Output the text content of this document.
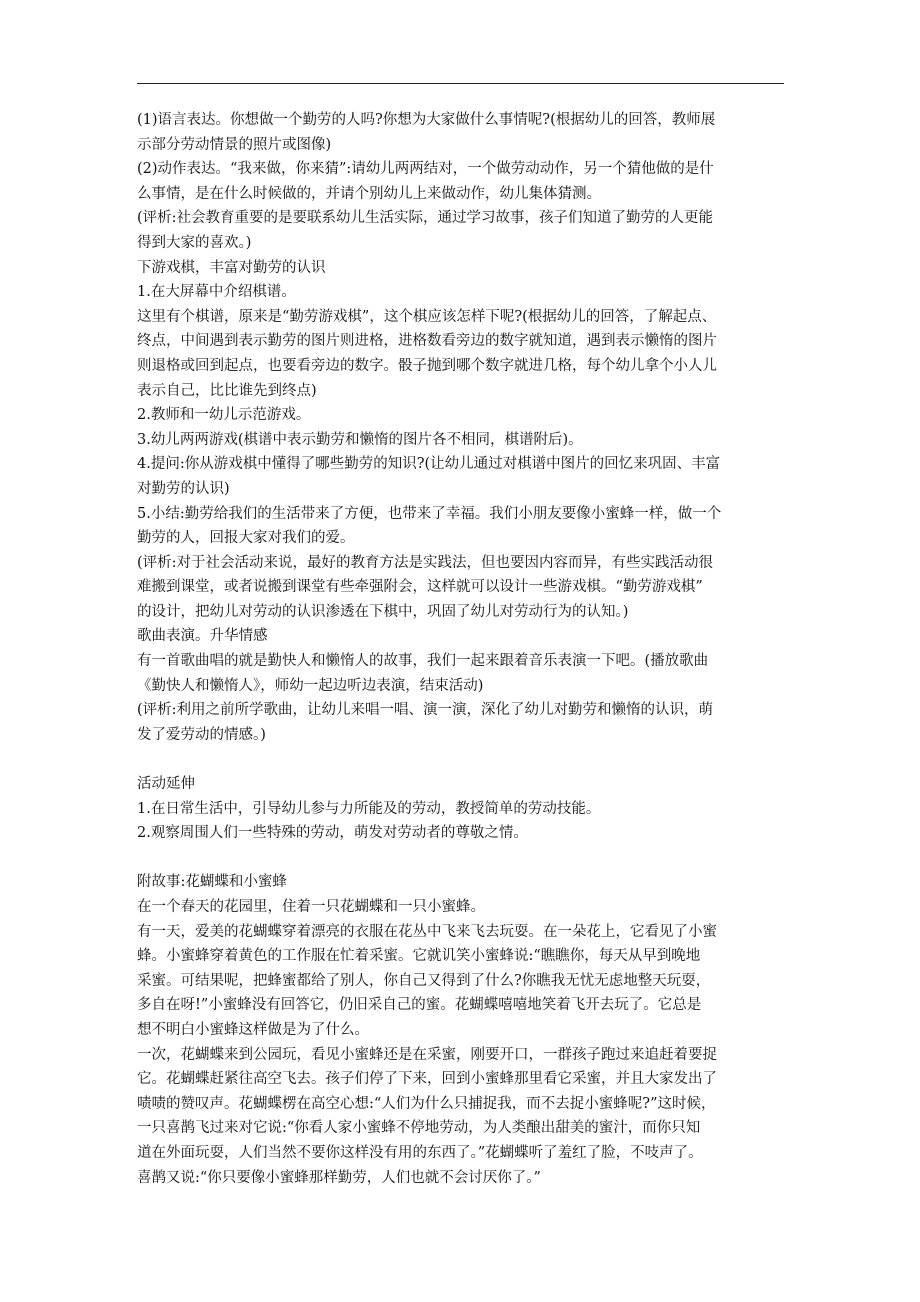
(1)语言表达。你想做一个勤劳的人吗?你想为大家做什么事情呢?(根据幼儿的回答，教师展
示部分劳动情景的照片或图像)
(2)动作表达。“我来做，你来猜”:请幼儿两两结对，一个做劳动动作，另一个猜他做的是什
么事情，是在什么时候做的，并请个别幼儿上来做动作，幼儿集体猜测。
(评析:社会教育重要的是要联系幼儿生活实际，通过学习故事，孩子们知道了勤劳的人更能
得到大家的喜欢。)
下游戏棋，丰富对勤劳的认识
1.在大屏幕中介绍棋谱。
这里有个棋谱，原来是“勤劳游戏棋”，这个棋应该怎样下呢?(根据幼儿的回答，了解起点、
终点，中间遇到表示勤劳的图片则进格，进格数看旁边的数字就知道，遇到表示懒惰的图片
则退格或回到起点，也要看旁边的数字。骰子抛到哪个数字就进几格，每个幼儿拿个小人儿
表示自己，比比谁先到终点)
2.教师和一幼儿示范游戏。
3.幼儿两两游戏(棋谱中表示勤劳和懒惰的图片各不相同，棋谱附后)。
4.提问:你从游戏棋中懂得了哪些勤劳的知识?(让幼儿通过对棋谱中图片的回忆来巩固、丰富
对勤劳的认识)
5.小结:勤劳给我们的生活带来了方便，也带来了幸福。我们小朋友要像小蜜蜂一样，做一个
勤劳的人，回报大家对我们的爱。
(评析:对于社会活动来说，最好的教育方法是实践法，但也要因内容而异，有些实践活动很
难搬到课堂，或者说搬到课堂有些牵强附会，这样就可以设计一些游戏棋。“勤劳游戏棋”
的设计，把幼儿对劳动的认识渗透在下棋中，巩固了幼儿对劳动行为的认知。)
歌曲表演。升华情感
有一首歌曲唱的就是勤快人和懒惰人的故事，我们一起来跟着音乐表演一下吧。(播放歌曲
《勤快人和懒惰人》，师幼一起边听边表演，结束活动)
(评析:利用之前所学歌曲，让幼儿来唱一唱、演一演，深化了幼儿对勤劳和懒惰的认识，萌
发了爱劳动的情感。)
活动延伸
1.在日常生活中，引导幼儿参与力所能及的劳动，教授简单的劳动技能。
2.观察周围人们一些特殊的劳动，萌发对劳动者的尊敬之情。
附故事:花蝴蝶和小蜜蜂
在一个春天的花园里，住着一只花蝴蝶和一只小蜜蜂。
有一天，爱美的花蝴蝶穿着漂亮的衣服在花丛中飞来飞去玩耍。在一朵花上，它看见了小蜜
蜂。小蜜蜂穿着黄色的工作服在忙着采蜜。它就讥笑小蜜蜂说:“瞧瞧你，每天从早到晚地
采蜜。可结果呢，把蜂蜜都给了别人，你自己又得到了什么?你瞧我无忧无虑地整天玩耍，
多自在呀!”小蜜蜂没有回答它，仍旧采自己的蜜。花蝴蝶嘻嘻地笑着飞开去玩了。它总是
想不明白小蜜蜂这样做是为了什么。
一次，花蝴蝶来到公园玩，看见小蜜蜂还是在采蜜，刚要开口，一群孩子跑过来追赶着要捉
它。花蝴蝶赶紧往高空飞去。孩子们停了下来，回到小蜜蜂那里看它采蜜，并且大家发出了
啧啧的赞叹声。花蝴蝶楞在高空心想:“人们为什么只捕捉我，而不去捉小蜜蜂呢?”这时候，
一只喜鹊飞过来对它说:“你看人家小蜜蜂不停地劳动，为人类酿出甜美的蜜汁，而你只知
道在外面玩耍，人们当然不要你这样没有用的东西了。”花蝴蝶听了羞红了脸，不吱声了。
喜鹊又说:“你只要像小蜜蜂那样勤劳，人们也就不会讨厌你了。”
